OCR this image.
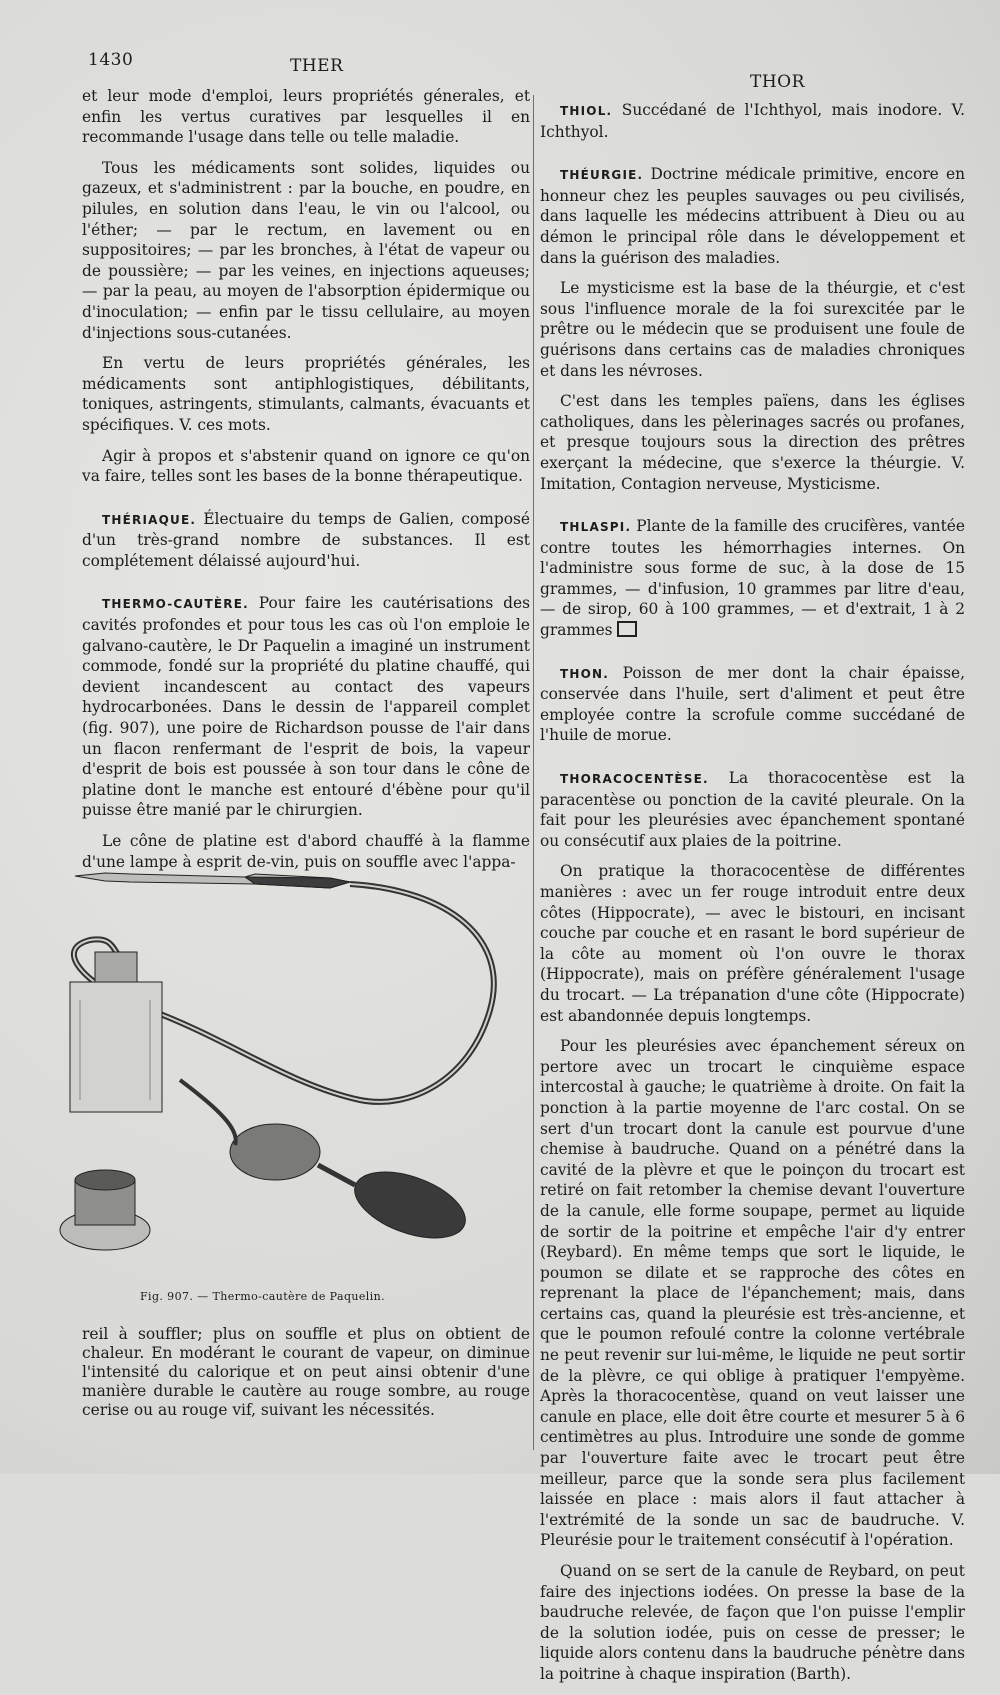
1430	THER
THOR

et leur mode d'emploi, leurs propriétés génerales, et enfin les vertus curatives par lesquelles il en recommande l'usage dans telle ou telle maladie.

Tous les médicaments sont solides, liquides ou gazeux, et s'administrent : par la bouche, en poudre, en pilules, en solution dans l'eau, le vin ou l'alcool, ou l'éther; — par le rectum, en lavement ou en suppositoires; — par les bronches, à l'état de vapeur ou de poussière; — par les veines, en injections aqueuses; — par la peau, au moyen de l'absorption épidermique ou d'inoculation; — enfin par le tissu cellulaire, au moyen d'injections sous-cutanées.

En vertu de leurs propriétés générales, les médicaments sont antiphlogistiques, débilitants, toniques, astringents, stimulants, calmants, évacuants et spécifiques. V. ces mots.

Agir à propos et s'abstenir quand on ignore ce qu'on va faire, telles sont les bases de la bonne thérapeutique.

THÉRIAQUE. Électuaire du temps de Galien, composé d'un très-grand nombre de substances. Il est complétement délaissé aujourd'hui.

THERMO-CAUTÈRE. Pour faire les cautérisations des cavités profondes et pour tous les cas où l'on emploie le galvano-cautère, le Dr Paquelin a imaginé un instrument commode, fondé sur la propriété du platine chauffé, qui devient incandescent au contact des vapeurs hydrocarbonées. Dans le dessin de l'appareil complet (fig. 907), une poire de Richardson pousse de l'air dans un flacon renfermant de l'esprit de bois, la vapeur d'esprit de bois est poussée à son tour dans le cône de platine dont le manche est entouré d'ébène pour qu'il puisse être manié par le chirurgien.

Le cône de platine est d'abord chauffé à la flamme d'une lampe à esprit de-vin, puis on souffle avec l'appa-

Fig. 907. — Thermo-cautère de Paquelin.
reil à souffler; plus on souffle et plus on obtient de chaleur. En modérant le courant de vapeur, on diminue l'intensité du calorique et on peut ainsi obtenir d'une manière durable le cautère au rouge sombre, au rouge cerise ou au rouge vif, suivant les nécessités.

THIOL. Succédané de l'Ichthyol, mais inodore. V. Ichthyol.

THÉURGIE. Doctrine médicale primitive, encore en honneur chez les peuples sauvages ou peu civilisés, dans laquelle les médecins attribuent à Dieu ou au démon le principal rôle dans le développement et dans la guérison des maladies.

Le mysticisme est la base de la théurgie, et c'est sous l'influence morale de la foi surexcitée par le prêtre ou le médecin que se produisent une foule de guérisons dans certains cas de maladies chroniques et dans les névroses.

C'est dans les temples païens, dans les églises catholiques, dans les pèlerinages sacrés ou profanes, et presque toujours sous la direction des prêtres exerçant la médecine, que s'exerce la théurgie. V. Imitation, Contagion nerveuse, Mysticisme.

THLASPI. Plante de la famille des crucifères, vantée contre toutes les hémorrhagies internes. On l'administre sous forme de suc, à la dose de 15 grammes, — d'infusion, 10 grammes par litre d'eau, — de sirop, 60 à 100 grammes, — et d'extrait, 1 à 2 grammes

THON. Poisson de mer dont la chair épaisse, conservée dans l'huile, sert d'aliment et peut être employée contre la scrofule comme succédané de l'huile de morue.

THORACOCENTÈSE. La thoracocentèse est la paracentèse ou ponction de la cavité pleurale. On la fait pour les pleurésies avec épanchement spontané ou consécutif aux plaies de la poitrine.

On pratique la thoracocentèse de différentes manières : avec un fer rouge introduit entre deux côtes (Hippocrate), — avec le bistouri, en incisant couche par couche et en rasant le bord supérieur de la côte au moment où l'on ouvre le thorax (Hippocrate), mais on préfère généralement l'usage du trocart. — La trépanation d'une côte (Hippocrate) est abandonnée depuis longtemps.

Pour les pleurésies avec épanchement séreux on pertore avec un trocart le cinquième espace intercostal à gauche; le quatrième à droite. On fait la ponction à la partie moyenne de l'arc costal. On se sert d'un trocart dont la canule est pourvue d'une chemise à baudruche. Quand on a pénétré dans la cavité de la plèvre et que le poinçon du trocart est retiré on fait retomber la chemise devant l'ouverture de la canule, elle forme soupape, permet au liquide de sortir de la poitrine et empêche l'air d'y entrer (Reybard). En même temps que sort le liquide, le poumon se dilate et se rapproche des côtes en reprenant la place de l'épanchement; mais, dans certains cas, quand la pleurésie est très-ancienne, et que le poumon refoulé contre la colonne vertébrale ne peut revenir sur lui-même, le liquide ne peut sortir de la plèvre, ce qui oblige à pratiquer l'empyème. Après la thoracocentèse, quand on veut laisser une canule en place, elle doit être courte et mesurer 5 à 6 centimètres au plus. Introduire une sonde de gomme par l'ouverture faite avec le trocart peut être meilleur, parce que la sonde sera plus facilement laissée en place : mais alors il faut attacher à l'extrémité de la sonde un sac de baudruche. V. Pleurésie pour le traitement consécutif à l'opération.

Quand on se sert de la canule de Reybard, on peut faire des injections iodées. On presse la base de la baudruche relevée, de façon que l'on puisse l'emplir de la solution iodée, puis on cesse de presser; le liquide alors contenu dans la baudruche pénètre dans la poitrine à chaque inspiration (Barth).
